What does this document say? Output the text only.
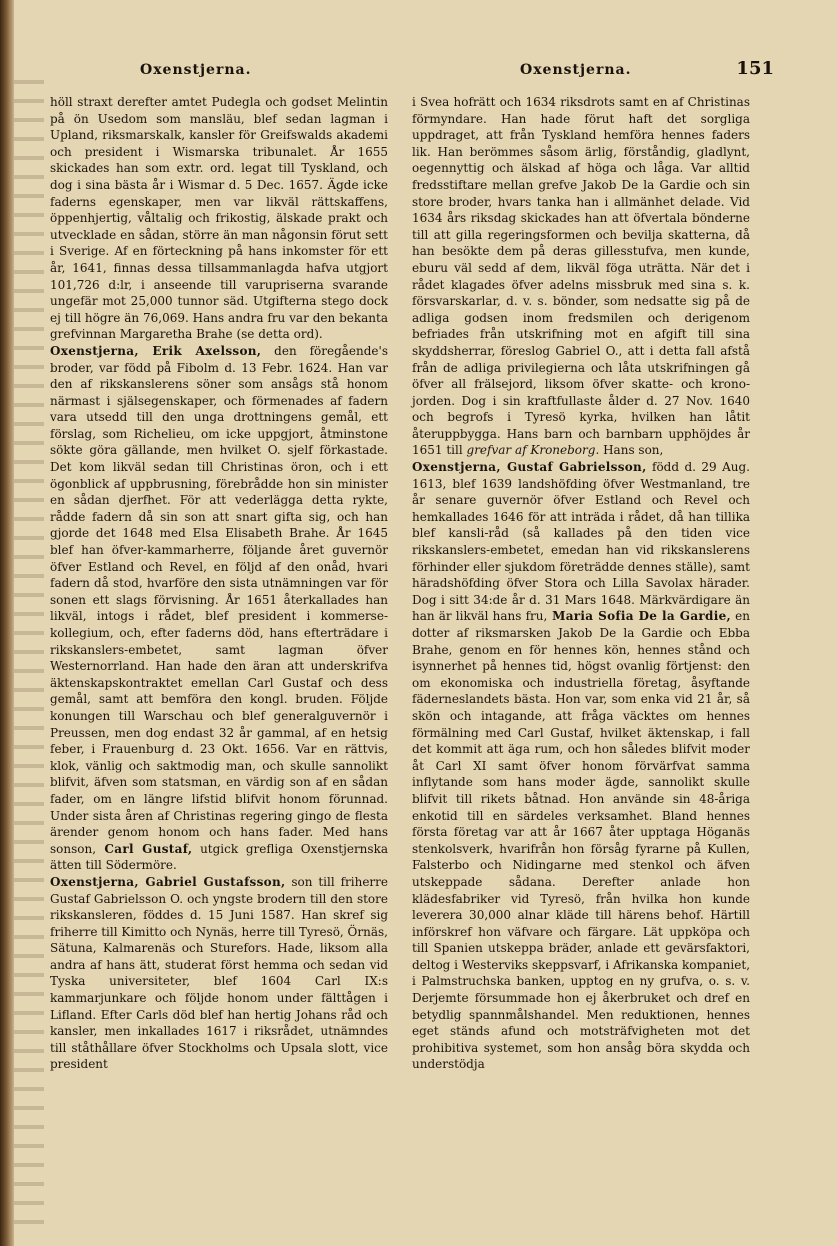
Oxenstjerna.	Oxenstjerna.	151

höll straxt derefter amtet Pudegla och godset Melintin på ön Usedom som mansläu, blef sedan lagman i Upland, riksmarskalk, kansler för Greifswalds akademi och president i Wismarska tribunalet. År 1655 skickades han som extr. ord. legat till Tyskland, och dog i sina bästa år i Wismar d. 5 Dec. 1657. Ägde icke faderns egenskaper, men var likväl rättskaffens, öppenhjertig, våltalig och frikostig, älskade prakt och utvecklade en sådan, större än man någonsin förut sett i Sverige. Af en förteckning på hans inkomster för ett år, 1641, finnas dessa tillsammanlagda hafva utgjort 101,726 d:lr, i anseende till varupriserna svarande ungefär mot 25,000 tunnor säd. Utgifterna stego dock ej till högre än 76,069. Hans andra fru var den bekanta grefvinnan Margaretha Brahe (se detta ord).

Oxenstjerna, Erik Axelsson, den föregående's broder, var född på Fibolm d. 13 Febr. 1624. Han var den af rikskanslerens söner som ansågs stå honom närmast i själsegenskaper, och förmenades af fadern vara utsedd till den unga drottningens gemål, ett förslag, som Richelieu, om icke uppgjort, åtminstone sökte göra gällande, men hvilket O. sjelf förkastade. Det kom likväl sedan till Christinas öron, och i ett ögonblick af uppbrusning, förebrådde hon sin minister en sådan djerfhet. För att vederlägga detta rykte, rådde fadern då sin son att snart gifta sig, och han gjorde det 1648 med Elsa Elisabeth Brahe. År 1645 blef han öfver-kammarherre, följande året guvernör öfver Estland och Revel, en följd af den onåd, hvari fadern då stod, hvarföre den sista utnämningen var för sonen ett slags förvisning. År 1651 återkallades han likväl, intogs i rådet, blef president i kommerse-kollegium, och, efter faderns död, hans efterträdare i rikskanslers-embetet, samt lagman öfver Westernorrland. Han hade den äran att underskrifva äktenskapskontraktet emellan Carl Gustaf och dess gemål, samt att bemföra den kongl. bruden. Följde konungen till Warschau och blef generalguvernör i Preussen, men dog endast 32 år gammal, af en hetsig feber, i Frauenburg d. 23 Okt. 1656. Var en rättvis, klok, vänlig och saktmodig man, och skulle sannolikt blifvit, äfven som statsman, en värdig son af en sådan fader, om en längre lifstid blifvit honom förunnad. Under sista åren af Christinas regering gingo de flesta ärender genom honom och hans fader. Med hans sonson, Carl Gustaf, utgick grefliga Oxenstjernska ätten till Södermöre.

Oxenstjerna, Gabriel Gustafsson, son till friherre Gustaf Gabrielsson O. och yngste brodern till den store rikskansleren, föddes d. 15 Juni 1587. Han skref sig friherre till Kimitto och Nynäs, herre till Tyresö, Örnäs, Sätuna, Kalmarenäs och Sturefors. Hade, liksom alla andra af hans ätt, studerat först hemma och sedan vid Tyska universiteter, blef 1604 Carl IX:s kammarjunkare och följde honom under fälttågen i Lifland. Efter Carls död blef han hertig Johans råd och kansler, men inkallades 1617 i riksrådet, utnämndes till ståthållare öfver Stockholms och Upsala slott, vice president

i Svea hofrätt och 1634 riksdrots samt en af Christinas förmyndare. Han hade förut haft det sorgliga uppdraget, att från Tyskland hemföra hennes faders lik. Han berömmes såsom ärlig, förståndig, gladlynt, oegennyttig och älskad af höga och låga. Var alltid fredsstiftare mellan grefve Jakob De la Gardie och sin store broder, hvars tanka han i allmänhet delade. Vid 1634 års riksdag skickades han att öfvertala bönderne till att gilla regeringsformen och bevilja skatterna, då han besökte dem på deras gillesstufva, men kunde, eburu väl sedd af dem, likväl föga uträtta. När det i rådet klagades öfver adelns missbruk med sina s. k. försvarskarlar, d. v. s. bönder, som nedsatte sig på de adliga godsen inom fredsmilen och derigenom befriades från utskrifning mot en afgift till sina skyddsherrar, föreslog Gabriel O., att i detta fall afstå från de adliga privilegierna och låta utskrifningen gå öfver all frälsejord, liksom öfver skatte- och krono-jorden. Dog i sin kraftfullaste ålder d. 27 Nov. 1640 och begrofs i Tyresö kyrka, hvilken han låtit återuppbygga. Hans barn och barnbarn upphöjdes år 1651 till grefvar af Kroneborg. Hans son,

Oxenstjerna, Gustaf Gabrielsson, född d. 29 Aug. 1613, blef 1639 landshöfding öfver Westmanland, tre år senare guvernör öfver Estland och Revel och hemkallades 1646 för att inträda i rådet, då han tillika blef kansli-råd (så kallades på den tiden vice rikskanslers-embetet, emedan han vid rikskanslerens förhinder eller sjukdom företrädde dennes ställe), samt häradshöfding öfver Stora och Lilla Savolax härader. Dog i sitt 34:de år d. 31 Mars 1648. Märkvärdigare än han är likväl hans fru, Maria Sofia De la Gardie, en dotter af riksmarsken Jakob De la Gardie och Ebba Brahe, genom en för hennes kön, hennes stånd och isynnerhet på hennes tid, högst ovanlig förtjenst: den om ekonomiska och industriella företag, åsyftande fäderneslandets bästa. Hon var, som enka vid 21 år, så skön och intagande, att fråga väcktes om hennes förmälning med Carl Gustaf, hvilket äktenskap, i fall det kommit att äga rum, och hon således blifvit moder åt Carl XI samt öfver honom förvärfvat samma inflytande som hans moder ägde, sannolikt skulle blifvit till rikets båtnad. Hon använde sin 48-åriga enkotid till en särdeles verksamhet. Bland hennes första företag var att år 1667 åter upptaga Höganäs stenkolsverk, hvarifrån hon försåg fyrarne på Kullen, Falsterbo och Nidingarne med stenkol och äfven utskeppade sådana. Derefter anlade hon klädesfabriker vid Tyresö, från hvilka hon kunde leverera 30,000 alnar kläde till härens behof. Härtill införskref hon väfvare och färgare. Lät uppköpa och till Spanien utskeppa bräder, anlade ett gevärsfaktori, deltog i Westerviks skeppsvarf, i Afrikanska kompaniet, i Palmstruchska banken, upptog en ny grufva, o. s. v. Derjemte försummade hon ej åkerbruket och dref en betydlig spannmålshandel. Men reduktionen, hennes eget ständs afund och motsträfvigheten mot det prohibitiva systemet, som hon ansåg böra skydda och understödja
